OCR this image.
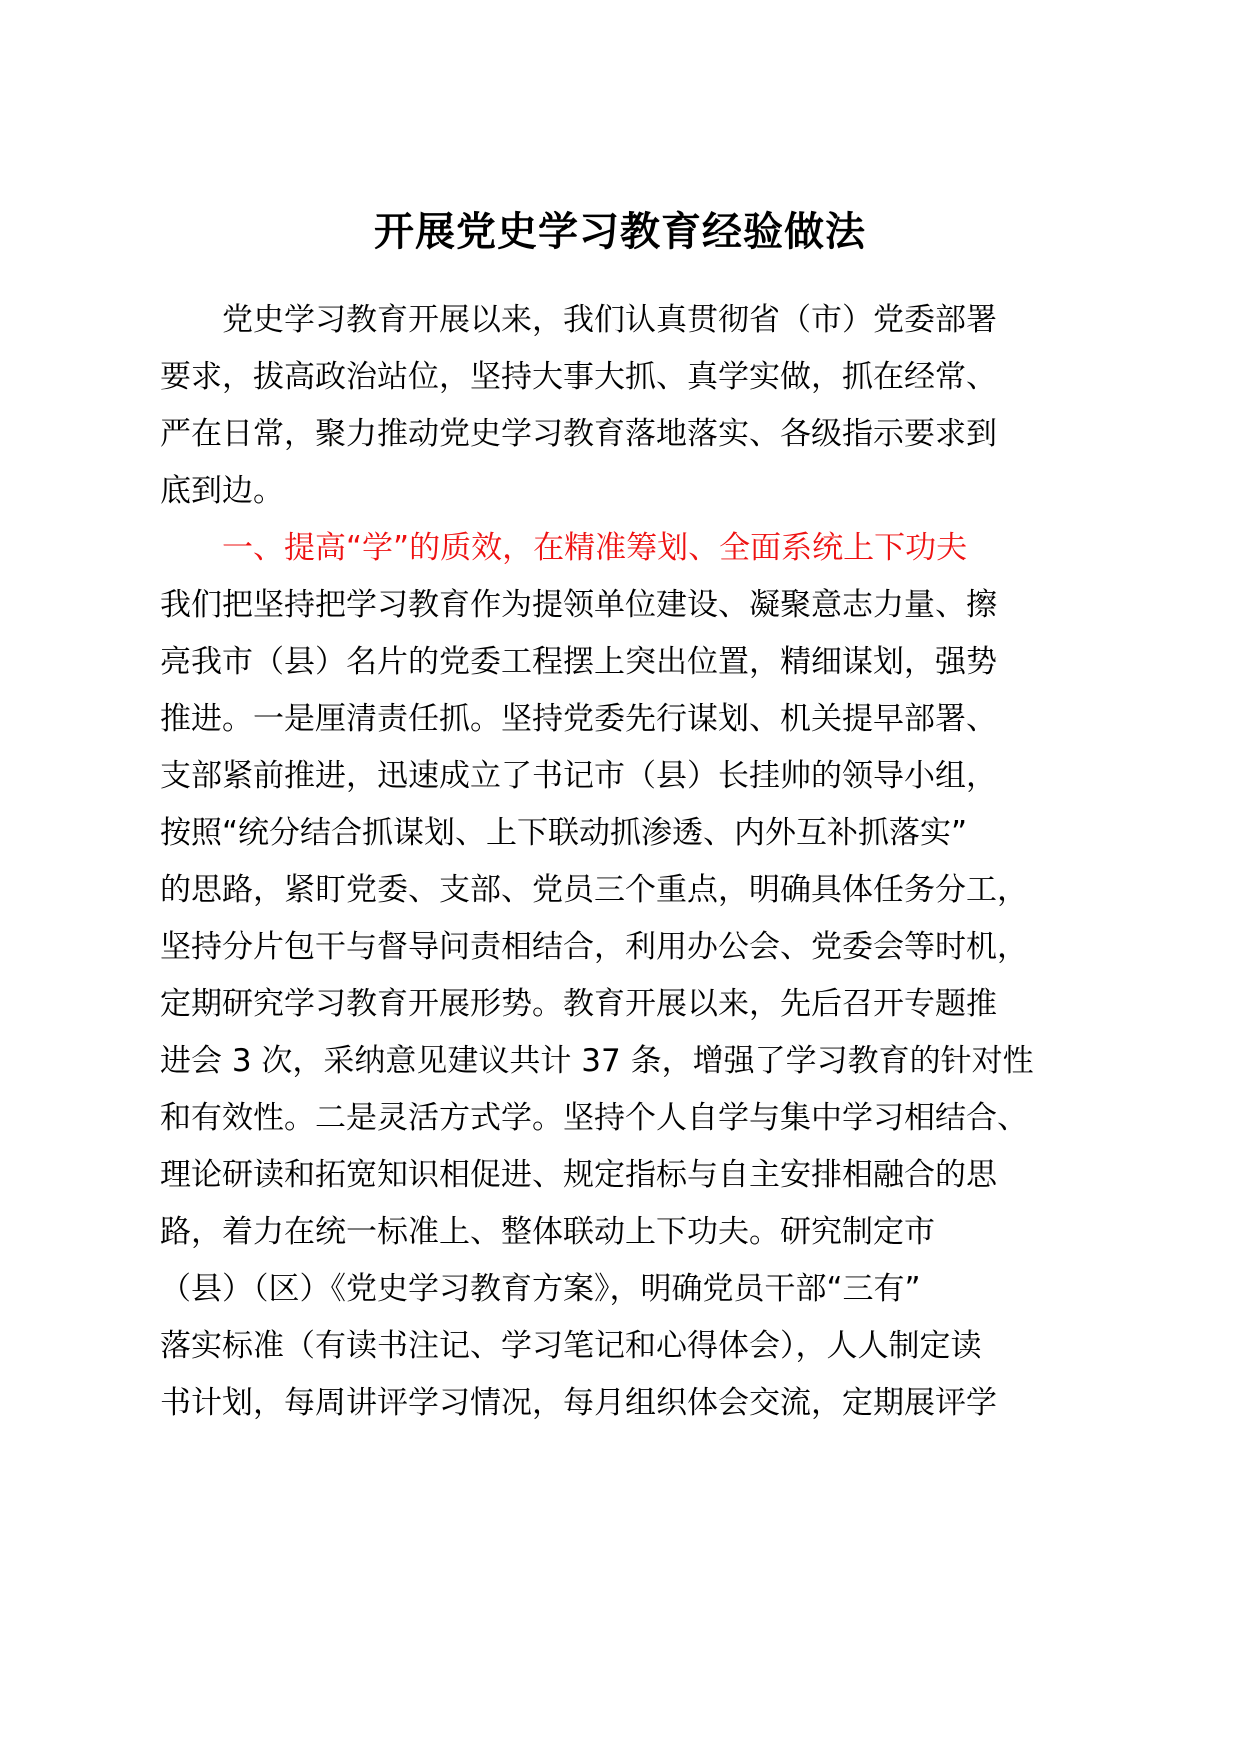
开展党史学习教育经验做法

　　党史学习教育开展以来，我们认真贯彻省（市）党委部署

要求，拔高政治站位，坚持大事大抓、真学实做，抓在经常、

严在日常，聚力推动党史学习教育落地落实、各级指示要求到

底到边。

　　一、提高“学”的质效，在精准筹划、全面系统上下功夫

我们把坚持把学习教育作为提领单位建设、凝聚意志力量、擦

亮我市（县）名片的党委工程摆上突出位置，精细谋划，强势

推进。一是厘清责任抓。坚持党委先行谋划、机关提早部署、

支部紧前推进，迅速成立了书记市（县）长挂帅的领导小组，

按照“统分结合抓谋划、上下联动抓渗透、内外互补抓落实”

的思路，紧盯党委、支部、党员三个重点，明确具体任务分工，

坚持分片包干与督导问责相结合，利用办公会、党委会等时机，

定期研究学习教育开展形势。教育开展以来，先后召开专题推

进会 3 次，采纳意见建议共计 37 条，增强了学习教育的针对性

和有效性。二是灵活方式学。坚持个人自学与集中学习相结合、

理论研读和拓宽知识相促进、规定指标与自主安排相融合的思

路，着力在统一标准上、整体联动上下功夫。研究制定市

（县）（区）《党史学习教育方案》，明确党员干部“三有”

落实标准（有读书注记、学习笔记和心得体会），人人制定读

书计划，每周讲评学习情况，每月组织体会交流，定期展评学
